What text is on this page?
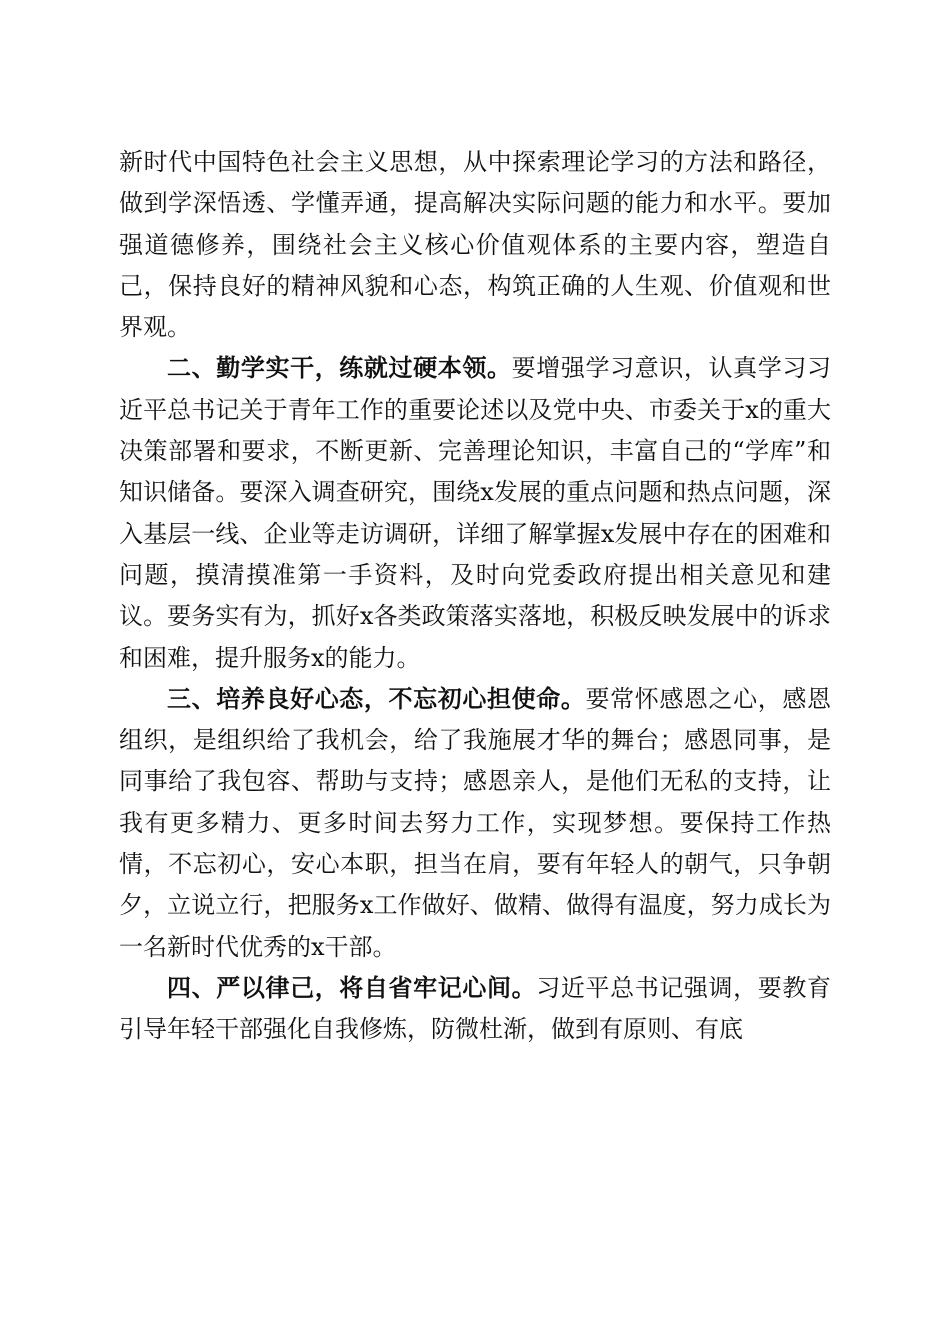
新时代中国特色社会主义思想，从中探索理论学习的方法和路径，做到学深悟透、学懂弄通，提高解决实际问题的能力和水平。要加强道德修养，围绕社会主义核心价值观体系的主要内容，塑造自己，保持良好的精神风貌和心态，构筑正确的人生观、价值观和世界观。

二、勤学实干，练就过硬本领。要增强学习意识，认真学习习近平总书记关于青年工作的重要论述以及党中央、市委关于x的重大决策部署和要求，不断更新、完善理论知识，丰富自己的“学库”和知识储备。要深入调查研究，围绕x发展的重点问题和热点问题，深入基层一线、企业等走访调研，详细了解掌握x发展中存在的困难和问题，摸清摸准第一手资料，及时向党委政府提出相关意见和建议。要务实有为，抓好x各类政策落实落地，积极反映发展中的诉求和困难，提升服务x的能力。

三、培养良好心态，不忘初心担使命。要常怀感恩之心，感恩组织，是组织给了我机会，给了我施展才华的舞台；感恩同事，是同事给了我包容、帮助与支持；感恩亲人，是他们无私的支持，让我有更多精力、更多时间去努力工作，实现梦想。要保持工作热情，不忘初心，安心本职，担当在肩，要有年轻人的朝气，只争朝夕，立说立行，把服务x工作做好、做精、做得有温度，努力成长为一名新时代优秀的x干部。

四、严以律己，将自省牢记心间。习近平总书记强调，要教育引导年轻干部强化自我修炼，防微杜渐，做到有原则、有底
